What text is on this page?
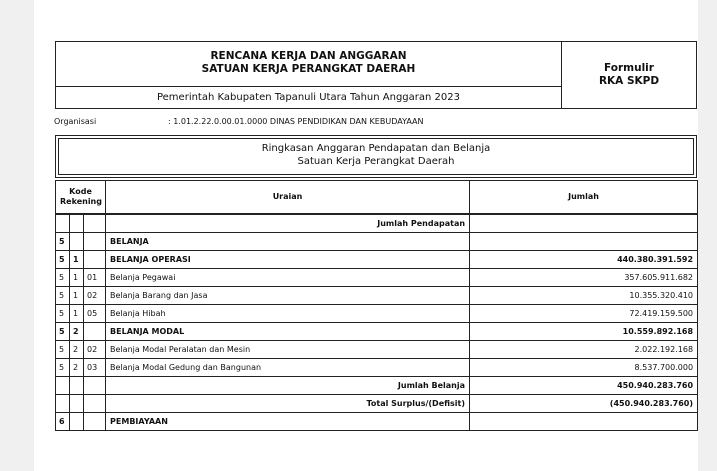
RENCANA KERJA DAN ANGGARAN
SATUAN KERJA PERANGKAT DAERAH
Pemerintah Kabupaten Tapanuli Utara Tahun Anggaran 2023
Formulir
RKA SKPD
Organisasi	: 1.01.2.22.0.00.01.0000 DINAS PENDIDIKAN DAN KEBUDAYAAN
Ringkasan Anggaran Pendapatan dan Belanja
Satuan Kerja Perangkat Daerah
Kode
Rekening			Uraian	Jumlah
			Jumlah Pendapatan	
5			BELANJA	
5	1		BELANJA OPERASI	440.380.391.592
5	1	01	Belanja Pegawai	357.605.911.682
5	1	02	Belanja Barang dan Jasa	10.355.320.410
5	1	05	Belanja Hibah	72.419.159.500
5	2		BELANJA MODAL	10.559.892.168
5	2	02	Belanja Modal Peralatan dan Mesin	2.022.192.168
5	2	03	Belanja Modal Gedung dan Bangunan	8.537.700.000
			Jumlah Belanja	450.940.283.760
			Total Surplus/(Defisit)	(450.940.283.760)
6			PEMBIAYAAN	
